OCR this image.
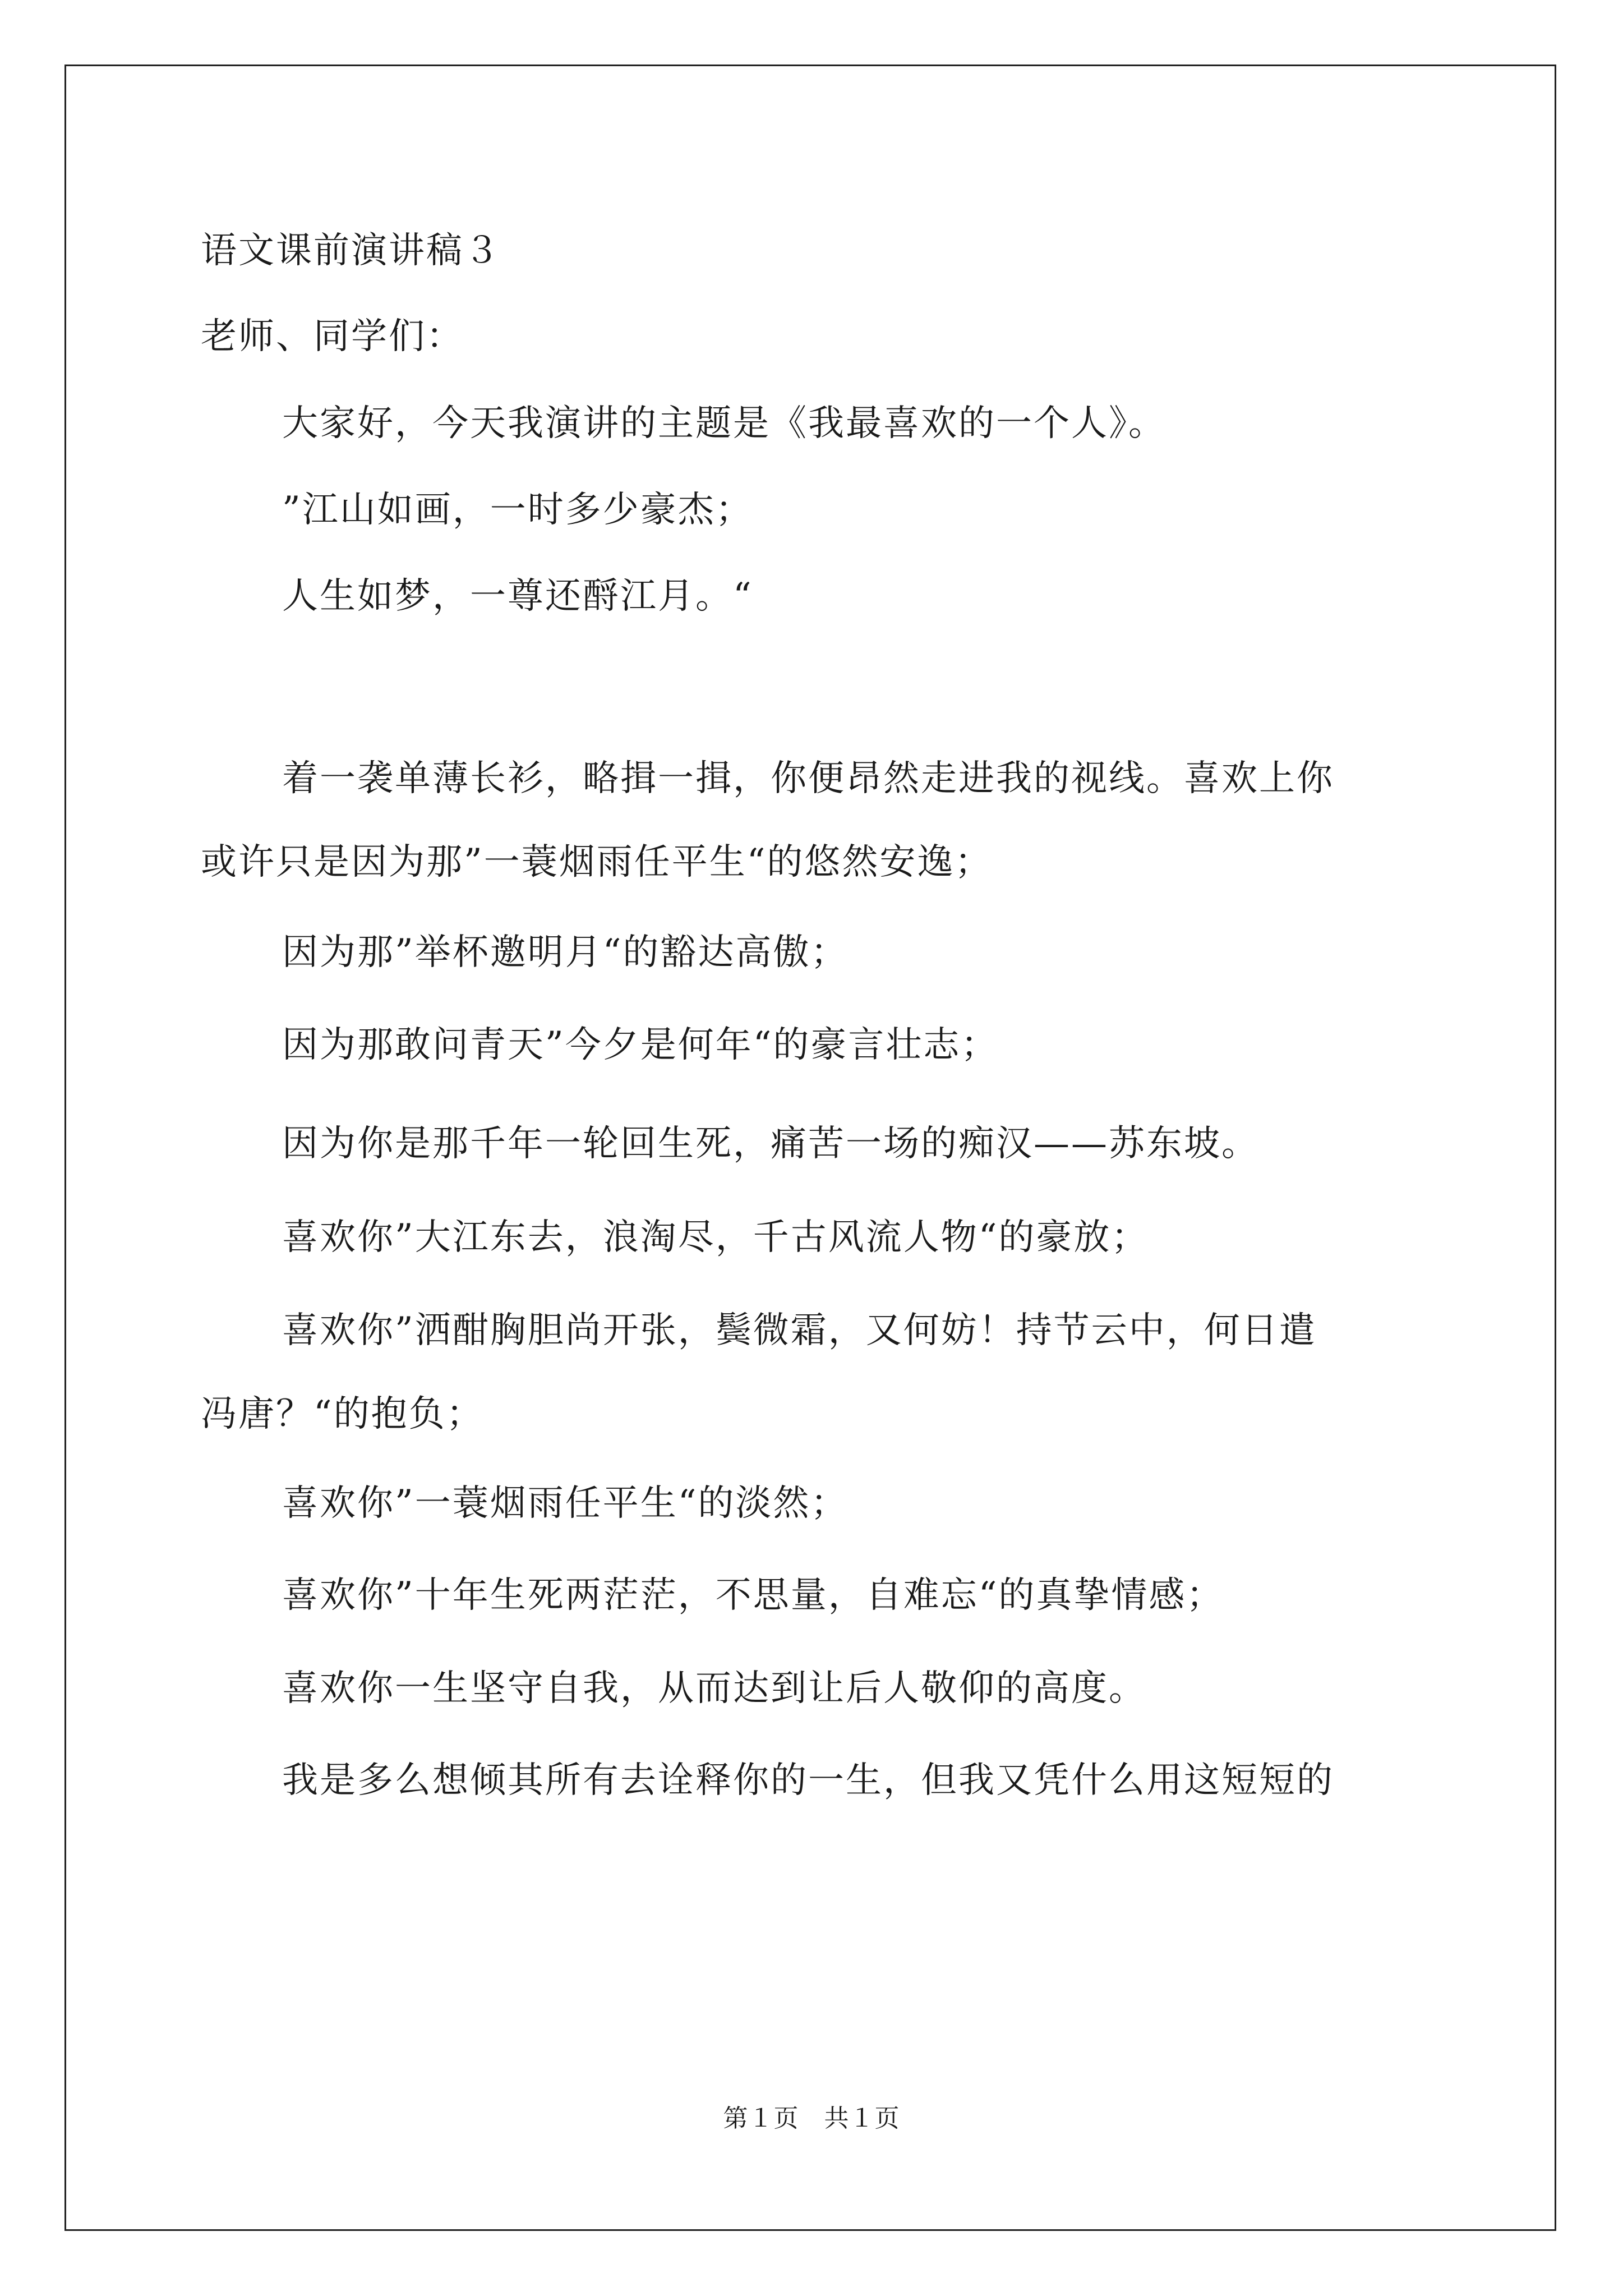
语文课前演讲稿３
老师、同学们：
大家好，今天我演讲的主题是《我最喜欢的一个人》。
”江山如画，一时多少豪杰；
人生如梦，一尊还酹江月。“
着一袭单薄长衫，略揖一揖，你便昂然走进我的视线。喜欢上你
或许只是因为那”一蓑烟雨任平生“的悠然安逸；
因为那”举杯邀明月“的豁达高傲；
因为那敢问青天”今夕是何年“的豪言壮志；
因为你是那千年一轮回生死，痛苦一场的痴汉——苏东坡。
喜欢你”大江东去，浪淘尽，千古风流人物“的豪放；
喜欢你”洒酣胸胆尚开张，鬓微霜，又何妨！持节云中，何日遣
冯唐？“的抱负；
喜欢你”一蓑烟雨任平生“的淡然；
喜欢你”十年生死两茫茫，不思量，自难忘“的真挚情感；
喜欢你一生坚守自我，从而达到让后人敬仰的高度。
我是多么想倾其所有去诠释你的一生，但我又凭什么用这短短的
第１页　共１页
